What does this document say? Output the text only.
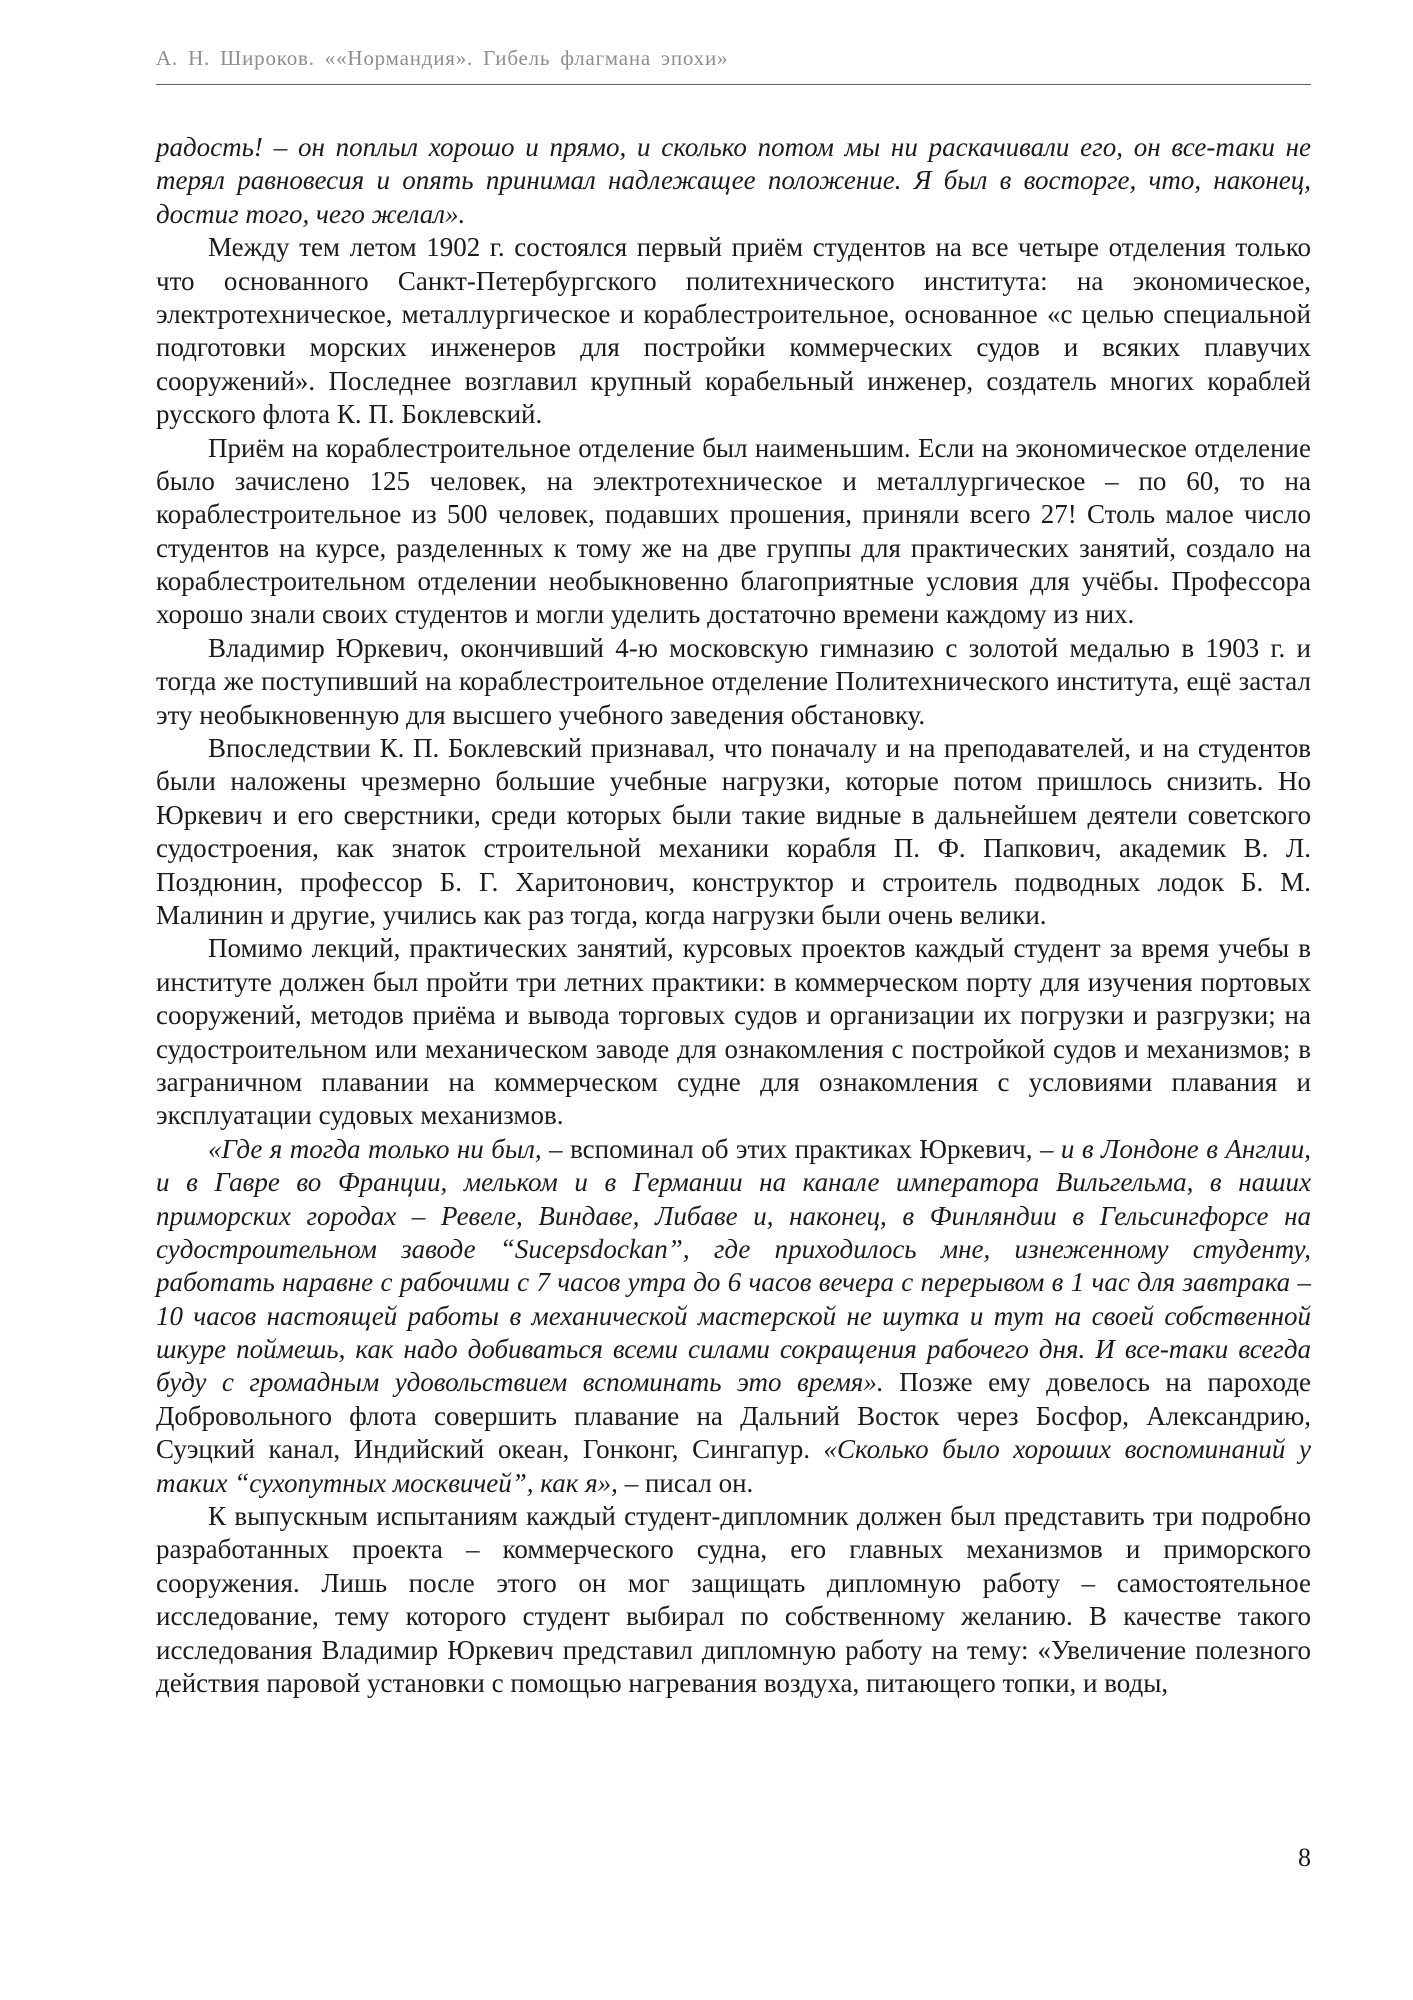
А. Н. Широков. ««Нормандия». Гибель флагмана эпохи»

радость! – он поплыл хорошо и прямо, и сколько потом мы ни раскачивали его, он все-таки не терял равновесия и опять принимал надлежащее положение. Я был в восторге, что, наконец, достиг того, чего желал».

Между тем летом 1902 г. состоялся первый приём студентов на все четыре отделения только что основанного Санкт-Петербургского политехнического института: на экономическое, электротехническое, металлургическое и кораблестроительное, основанное «с целью специальной подготовки морских инженеров для постройки коммерческих судов и всяких плавучих сооружений». Последнее возглавил крупный корабельный инженер, создатель многих кораблей русского флота К. П. Боклевский.

Приём на кораблестроительное отделение был наименьшим. Если на экономическое отделение было зачислено 125 человек, на электротехническое и металлургическое – по 60, то на кораблестроительное из 500 человек, подавших прошения, приняли всего 27! Столь малое число студентов на курсе, разделенных к тому же на две группы для практических занятий, создало на кораблестроительном отделении необыкновенно благоприятные условия для учёбы. Профессора хорошо знали своих студентов и могли уделить достаточно времени каждому из них.

Владимир Юркевич, окончивший 4-ю московскую гимназию с золотой медалью в 1903 г. и тогда же поступивший на кораблестроительное отделение Политехнического института, ещё застал эту необыкновенную для высшего учебного заведения обстановку.

Впоследствии К. П. Боклевский признавал, что поначалу и на преподавателей, и на студентов были наложены чрезмерно большие учебные нагрузки, которые потом пришлось снизить. Но Юркевич и его сверстники, среди которых были такие видные в дальнейшем деятели советского судостроения, как знаток строительной механики корабля П. Ф. Папкович, академик В. Л. Поздюнин, профессор Б. Г. Харитонович, конструктор и строитель подводных лодок Б. М. Малинин и другие, учились как раз тогда, когда нагрузки были очень велики.

Помимо лекций, практических занятий, курсовых проектов каждый студент за время учебы в институте должен был пройти три летних практики: в коммерческом порту для изучения портовых сооружений, методов приёма и вывода торговых судов и организации их погрузки и разгрузки; на судостроительном или механическом заводе для ознакомления с постройкой судов и механизмов; в заграничном плавании на коммерческом судне для ознакомления с условиями плавания и эксплуатации судовых механизмов.

«Где я тогда только ни был, – вспоминал об этих практиках Юркевич, – и в Лондоне в Англии, и в Гавре во Франции, мельком и в Германии на канале императора Вильгельма, в наших приморских городах – Ревеле, Виндаве, Либаве и, наконец, в Финляндии в Гельсингфорсе на судостроительном заводе “Sucepsdockan”, где приходилось мне, изнеженному студенту, работать наравне с рабочими с 7 часов утра до 6 часов вечера с перерывом в 1 час для завтрака – 10 часов настоящей работы в механической мастерской не шутка и тут на своей собственной шкуре поймешь, как надо добиваться всеми силами сокращения рабочего дня. И все-таки всегда буду с громадным удовольствием вспоминать это время». Позже ему довелось на пароходе Добровольного флота совершить плавание на Дальний Восток через Босфор, Александрию, Суэцкий канал, Индийский океан, Гонконг, Сингапур. «Сколько было хороших воспоминаний у таких “сухопутных москвичей”, как я», – писал он.

К выпускным испытаниям каждый студент-дипломник должен был представить три подробно разработанных проекта – коммерческого судна, его главных механизмов и приморского сооружения. Лишь после этого он мог защищать дипломную работу – самостоятельное исследование, тему которого студент выбирал по собственному желанию. В качестве такого исследования Владимир Юркевич представил дипломную работу на тему: «Увеличение полезного действия паровой установки с помощью нагревания воздуха, питающего топки, и воды,

8
